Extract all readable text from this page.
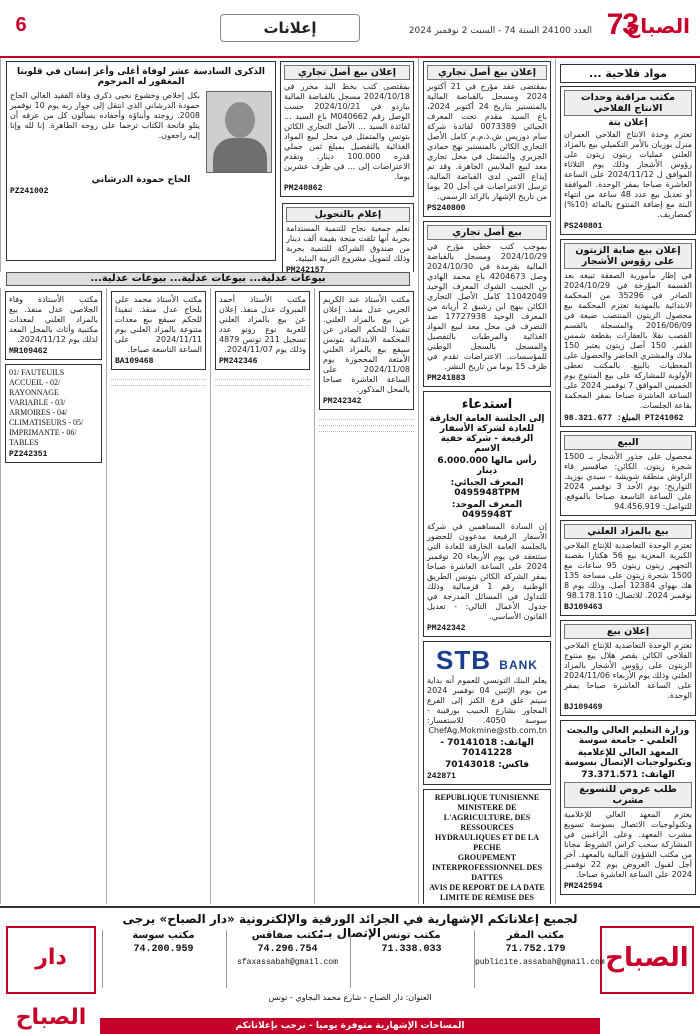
6	إعلانات	العدد 24100 السنة 74 - السبت 2 نوفمبر 2024 73
الصباح
مواد فلاحية ...
مكتب مراقبة وحدات الانتاج الفلاحي
إعلان بتة
تعتزم وحدة الانتاج الفلاحي العمران منزل بوزيان بالأمر التكميلي بيع بالمزاد العلني عمليات زيتون زيتون على رؤوس الأشجار وذلك يوم الثلاثاء الموافق ل 2024/11/12 على الساعة العاشرة صباحا بمقر الوحدة. الموافقة أو تعديل بيع عدد 48 ساعة من انتهاء البتة مع إضافة المنتوج بالمائة (10%) كمصاريف.
PS240801
إعلان بيع صابة الزيتون على رؤوس الأشجار
في إطار مأمورية الصفقة تبيعه بعد القسمة المؤرخة في 2024/10/29 الصادر في 35296 من المحكمة الابتدائية بالمهدية تعتزم المحكمة بيع محصول الزيتون المنتصب ضيعة في 2016/06/09 والمسجلة بالقسم القصب نقلا بالعقارات بقطعة شمس القمر. 150 أصل زيتون يعتبر 150 ملاك والمشتري الحاضر والحصول على المعطيات بالبيع. بالمكتب تعطى الأولوية للمشاركة على بيع المنتوج يوم الخميس الموافق 7 نوفمبر 2024 على الساعة العاشرة صباحا بمقر المحكمة بقاعة الجلسات.
المبلغ: 98.321.677 PT241062
البيع
محصول على جذور الأشجار بـ 1500 شجرة زيتون. الكائن: ضاقسير قاء الزاوش منطقة شويشة - سيدي بوزيد. التواريخ: يوم الأحد 3 نوفمبر 2024 على الساعة التاسعة صباحا بالموقع. للتواصل: 94.456.919
بيع بالمزاد العلني
تعتزم الوحدة التعاضدية للإنتاج الفلاحي الكبرية المعزية بيع 56 هكتارا بقصبة التجهيز زيتون زيتون 95 ساعات مع 1500 شجرة زيتون على مساحة 135 هك بهواي 12384 أصل. وذلك يوم 8 نوفمبر 2024. للاتصال: 98.178.110
BJ109463
إعلان بيع
تعتزم الوحدة التعاضدية للإنتاج الفلاحي الفلاحي الكائن بقصر هلال بيع منتوج الزيتون على رؤوس الأشجار بالمزاد العلني وذلك يوم الأربعاء 2024/11/06 على الساعة العاشرة صباحا بمقر الوحدة.
BJ109469
وزارة التعليم العالي والبحث العلمي - جامعة سوسة
المعهد العالي للإعلامية وتكنولوجيات الإتصال بسوسة
الهاتف: 73.371.571
طلب عروض للتسويغ مشرب
يعتزم المعهد العالي للإعلامية وتكنولوجيات الاتصال بسوسة تسويغ مشرب المعهد. وعلى الراغبين في المشاركة سحب كراس الشروط مجانا من مكتب الشؤون المالية بالمعهد. آخر أجل لقبول العروض يوم 22 نوفمبر 2024 على الساعة العاشرة صباحا.
PM242594
إعلان بيع أصل تجاري
بمقتضى عقد مؤرخ في 21 أكتوبر 2024 ومسجل بالقباضة المالية بالمنستير بتاريخ 24 أكتوبر 2024، باع السيد مقدم تحت المعرف الجبائي 0073389 لفائدة شركة سام دوريس ش.ذ.م.م كامل الأصل التجاري الكائن بالمنستير نهج حمادي الجزيري والمتمثل في محل تجاري معد لبيع الملابس الجاهزة. وقد تم إيداع الثمن لدى القباضة المالية. ترسل الاعتراضات في أجل 20 يوما من تاريخ الإشهار بالرائد الرسمي.
PS240800
بيع أصل تجاري
بموجب كتب خطي مؤرخ في 2024/10/29 ومسجل بالقباضة المالية بقرمدة في 2024/10/30 وصل 4204673 باع محمد الهادي بن الحبيب الشوك المعرف الوحيد 11042049 كامل الأصل التجاري الكائن بنهج ابن رشيق 2 أريانة من المعرف الوحيد 17727938 ضد التصرف في محل معد لبيع المواد الغذائية والمرطبات بالتفصيل والمسجل بالسجل الوطني للمؤسسات. الاعتراضات تقدم في ظرف 15 يوما من تاريخ النشر.
PM241883
استدعاء
إلى الجلسة العامة الخارقة للعادة لشركة الأسفار الرفيعة - شركة خفية الاسم
رأس مالها 6.000.000 دينار
المعرف الجبائي: 0495948TPM
المعرف الموحد: 0495948T
إن السادة المساهمين في شركة الأسفار الرفيعة مدعوون للحضور بالجلسة العامة الخارقة للعادة التي ستنعقد في يوم الأربعاء 20 نوفمبر 2024 على الساعة العاشرة صباحا بمقر الشركة الكائن بتونس الطريق الوطنية رقم 1 قرمبالية وذلك للتداول في المسائل المدرجة في جدول الأعمال التالي: - تعديل القانون الأساسي.
PM242342
STB BANK
يعلم البنك التونسي للعموم أنه بداية من يوم الإثنين 04 نوفمبر 2024 سيتم غلق فرع الكنز إلى الفرع المجاور بشارع الحبيب بورقيبة - سوسة 4050. للاستفسار: ChefAg.Mokmine@stb.com.tn
الهاتف: 70141018 - 70141228
فاكس: 70143018
242871
REPUBLIQUE TUNISIENNE
MINISTERE DE L'AGRICULTURE, DES RESSOURCES HYDRAULIQUES ET DE LA PECHE
GROUPEMENT INTERPROFESSIONNEL DES DATTES
AVIS DE REPORT DE LA DATE LIMITE DE REMISE DES
إعلان بيع أصل تجاري
بمقتضى كتب بخط اليد محرر في 2024/10/18 مسجل بالقباضة المالية بباردو في 2024/10/21 حسب الوصل رقم M040662 باع السيد ... لفائدة السيد ... الأصل التجاري الكائن بتونس والمتمثل في محل لبيع المواد الغذائية بالتفصيل بمبلغ ثمن جملي قدره 100.000 دينار. وتقدم الاعتراضات إلى ... في ظرف عشرين يوما.
PM240862
الذكرى السادسة عشر لوفاة أغلى وأعز إنسان في قلوبنا المغفور له المرحوم
بكل إخلاص وخشوع نحيي ذكرى وفاة الفقيد الغالي الحاج حمودة الدرشاني الذي انتقل إلى جوار ربه يوم 10 نوفمبر 2008. زوجته وأبناؤه وأحفاده يسألون كل من عرفه أن يتلو فاتحة الكتاب ترحما على روحه الطاهرة. إنا لله وإنا إليه راجعون.
الحاج حمودة الدرشاني
PZ241002
إعلام بالتحويل
تعلم جمعية نجاح للتنمية المستدامة بجربة أنها تلقت منحة بقيمة ألف دينار من صندوق الشراكة للتنمية بجربة وذلك لتمويل مشروع التربية البيئية.
PM242157
بيوعات عدلية... بيوعات عدلية... بيوعات عدلية...
مكتب الأستاذ عبد الكريم الجربي عدل منفذ. إعلان عن بيع بالمزاد العلني. تنفيذا للحكم الصادر عن المحكمة الابتدائية بتونس سيقع بيع بالمزاد العلني الأمتعة المحجوزة يوم 2024/11/08 على الساعة العاشرة صباحا بالمحل المذكور.
PM242342
مكتب الأستاذ أحمد المبروك عدل منفذ. إعلان عن بيع بالمزاد العلني للعربة نوع رونو عدد تسجيل 211 تونس 4879 وذلك يوم 2024/11/07.
PM242346
مكتب الأستاذ محمد علي بلحاج عدل منفذ. تنفيذا للحكم سيقع بيع معدات متنوعة بالمزاد العلني يوم 2024/11/11 على الساعة التاسعة صباحا.
BA109468
مكتب الأستاذة وفاء الجلاصي عدل منفذ. بيع بالمزاد العلني لمعدات مكتبية وأثاث بالمحل المعد لذلك يوم 2024/11/12.
MR109462
01/ FAUTEUILS ACCUEIL - 02/ RAYONNAGE VARIABLE - 03/ ARMOIRES - 04/ CLIMATISEURS - 05/ IMPRIMANTE - 06/ TABLES
PZ242351
لجميع إعلاناتكم الإشهارية في الجرائد الورقية والإلكترونية «دار الصباح» يرجى الإتصال بـ:
الصباح
دار الصباح
مكتب المقر
71.752.179
publicite.assabah@gmail.com
مكتب تونس
71.338.033
مكتب صفاقس
74.296.754
sfaxassabah@gmail.com
مكتب سوسة
74.200.959
العنوان: دار الصباح - شارع محمد البجاوي - تونس
المساحات الإشهارية متوفرة يوميا - نرحب بإعلاناتكم
